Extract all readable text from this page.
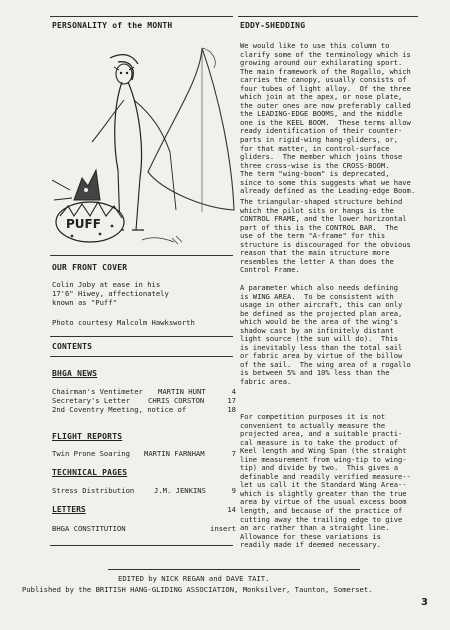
PERSONALITY of the MONTH
PUFF
OUR FRONT COVER
Colin Joby at ease in his
17'6" Hiwey, affectionately
known as "Puff"
Photo courtesy Malcolm Hawksworth
CONTENTS
BHGA NEWS
Chairman's Ventimeter MARTIN HUNT	4
Secretary's Letter	CHRIS CORSTON	17
2nd Coventry Meeting, notice of	18
FLIGHT REPORTS
Twin Prone Soaring MARTIN FARNHAM	7
TECHNICAL PAGES
Stress Distribution	J.M. JENKINS	9
LETTERS	14
BHGA CONSTITUTION	insert
EDDY-SHEDDING
We would like to use this column to
clarify some of the terminology which is
growing around our exhilarating sport.
The main framework of the Rogallo, which
carries the canopy, usually consists of
four tubes of light alloy.  Of the three
which join at the apex, or nose plate,
the outer ones are now preferably called
the LEADING-EDGE BOOMS, and the middle
one is the KEEL BOOM.  These terms allow
ready identification of their counter-
parts in rigid-wing hang-gliders, or,
for that matter, in control-surface
gliders.  The member which joins those
three cross-wise is the CROSS-BOOM.
The term "wing-boom" is deprecated,
since to some this suggests what we have
already defined as the Leading-edge Boom.
The triangular-shaped structure behind
which the pilot sits or hangs is the
CONTROL FRAME, and the lower horizontal
part of this is the CONTROL BAR.  The
use of the term "A-frame" for this
structure is discouraged for the obvious
reason that the main structure more
resembles the letter A than does the
Control Frame.
A parameter which also needs defining
is WING AREA.  To be consistent with
usage in other aircraft, this can only
be defined as the projected plan area,
which would be the area of the wing's
shadow cast by an infinitely distant
light source (the sun will do).  This
is inevitably less than the total sail
or fabric area by virtue of the billow
of the sail.  The wing area of a rogallo
is between 5% and 10% less than the
fabric area.
For competition purposes it is not
convenient to actually measure the
projected area, and a suitable practi-
cal measure is to take the product of
Keel length and Wing Span (the straight
line measurement from wing-tip to wing-
tip) and divide by two.  This gives a
definable and readily verified measure--
let us call it the Standard Wing Area--
which is slightly greater than the true
area by virtue of the usual excess boom
length, and because of the practice of
cutting away the trailing edge to give
an arc rather than a straight line.
Allowance for these variations is
readily made if deemed necessary.
EDITED by NICK REGAN and DAVE TAIT.
Published by the BRITISH HANG-GLIDING ASSOCIATION, Monksilver, Taunton, Somerset.
3
